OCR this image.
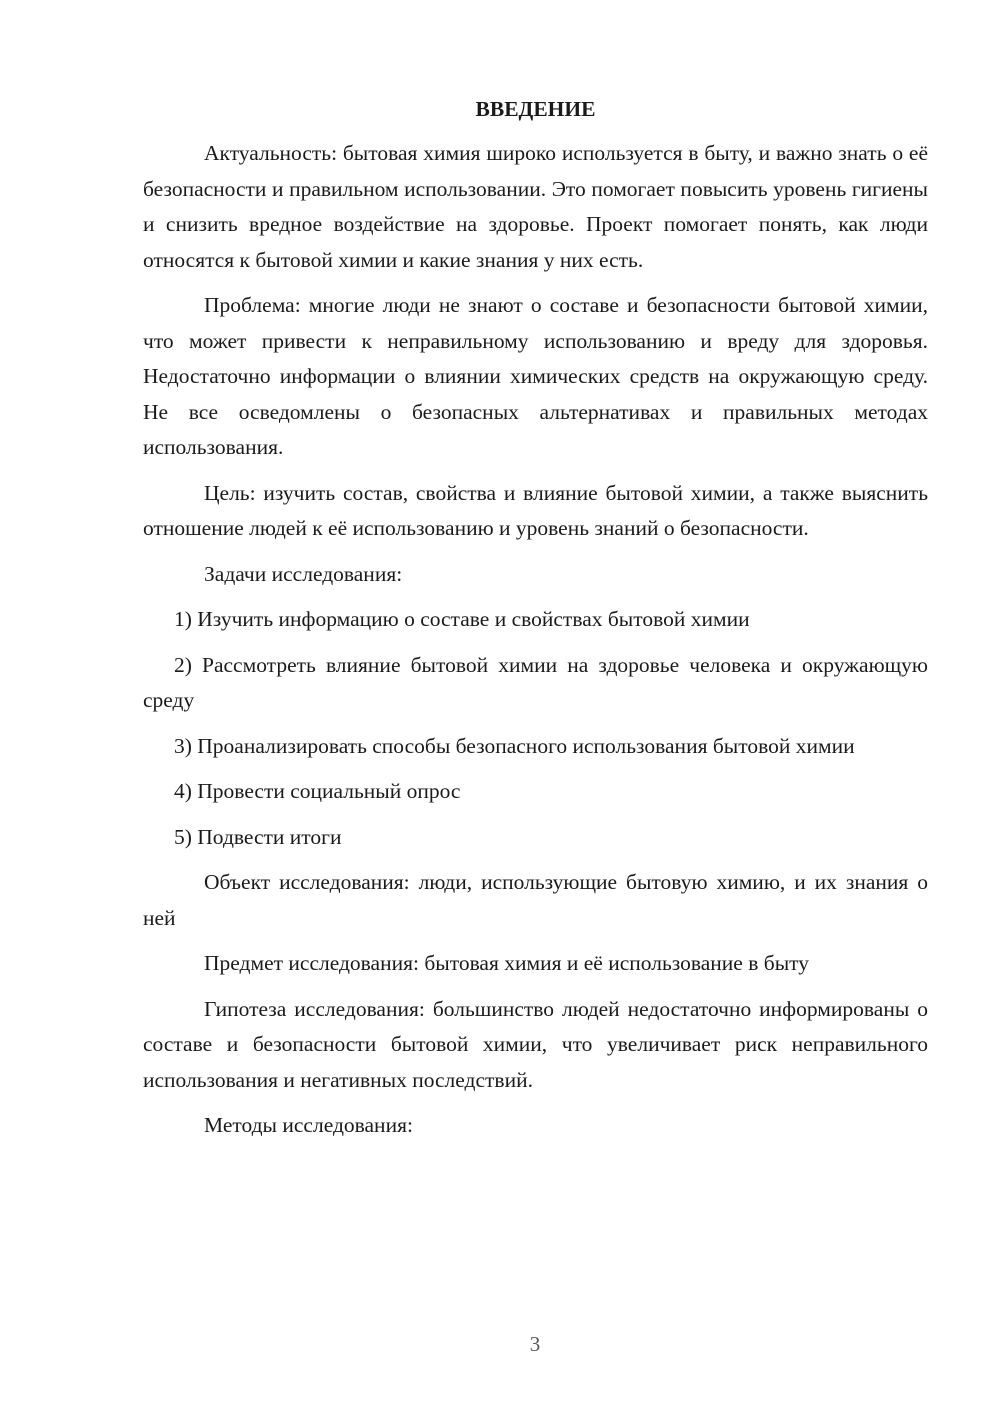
ВВЕДЕНИЕ

Актуальность: бытовая химия широко используется в быту, и важно знать о её безопасности и правильном использовании. Это помогает повысить уровень гигиены и снизить вредное воздействие на здоровье. Проект помогает понять, как люди относятся к бытовой химии и какие знания у них есть.

Проблема: многие люди не знают о составе и безопасности бытовой химии, что может привести к неправильному использованию и вреду для здоровья. Недостаточно информации о влиянии химических средств на окружающую среду. Не все осведомлены о безопасных альтернативах и правильных методах использования.

Цель: изучить состав, свойства и влияние бытовой химии, а также выяснить отношение людей к её использованию и уровень знаний о безопасности.

Задачи исследования:

1) Изучить информацию о составе и свойствах бытовой химии

2) Рассмотреть влияние бытовой химии на здоровье человека и окружающую среду

3) Проанализировать способы безопасного использования бытовой химии

4) Провести социальный опрос

5) Подвести итоги

Объект исследования: люди, использующие бытовую химию, и их знания о ней

Предмет исследования: бытовая химия и её использование в быту

Гипотеза исследования: большинство людей недостаточно информированы о составе и безопасности бытовой химии, что увеличивает риск неправильного использования и негативных последствий.

Методы исследования:

3
